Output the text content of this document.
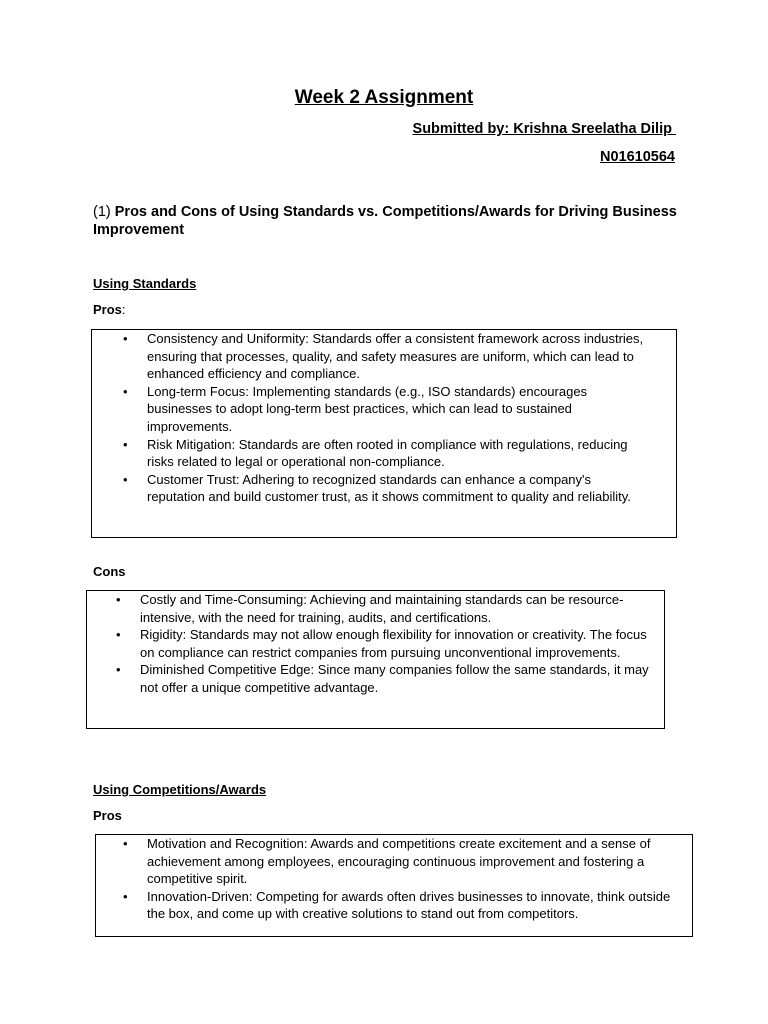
Week 2 Assignment
Submitted by: Krishna Sreelatha Dilip
N01610564
(1) Pros and Cons of Using Standards vs. Competitions/Awards for Driving Business Improvement
Using Standards
Pros:
• Consistency and Uniformity: Standards offer a consistent framework across industries, ensuring that processes, quality, and safety measures are uniform, which can lead to enhanced efficiency and compliance.
• Long-term Focus: Implementing standards (e.g., ISO standards) encourages businesses to adopt long-term best practices, which can lead to sustained improvements.
• Risk Mitigation: Standards are often rooted in compliance with regulations, reducing risks related to legal or operational non-compliance.
• Customer Trust: Adhering to recognized standards can enhance a company's reputation and build customer trust, as it shows commitment to quality and reliability.
Cons
• Costly and Time-Consuming: Achieving and maintaining standards can be resource-intensive, with the need for training, audits, and certifications.
• Rigidity: Standards may not allow enough flexibility for innovation or creativity. The focus on compliance can restrict companies from pursuing unconventional improvements.
• Diminished Competitive Edge: Since many companies follow the same standards, it may not offer a unique competitive advantage.
Using Competitions/Awards
Pros
• Motivation and Recognition: Awards and competitions create excitement and a sense of achievement among employees, encouraging continuous improvement and fostering a competitive spirit.
• Innovation-Driven: Competing for awards often drives businesses to innovate, think outside the box, and come up with creative solutions to stand out from competitors.
